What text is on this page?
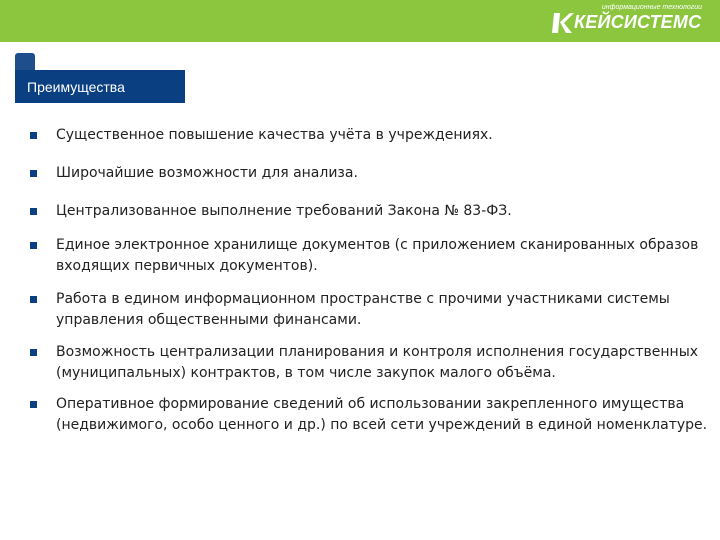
информационные технологии
КЕЙСИСТЕМС
Преимущества
Существенное повышение качества учёта в учреждениях.
Широчайшие возможности для анализа.
Централизованное выполнение требований Закона № 83-ФЗ.
Единое электронное хранилище документов (с приложением сканированных образов входящих первичных документов).
Работа в едином информационном пространстве с прочими участниками системы управления общественными финансами.
Возможность централизации планирования и контроля исполнения государственных (муниципальных) контрактов, в том числе закупок малого объёма.
Оперативное формирование сведений об использовании закрепленного имущества (недвижимого, особо ценного и др.) по всей сети учреждений в единой номенклатуре.
